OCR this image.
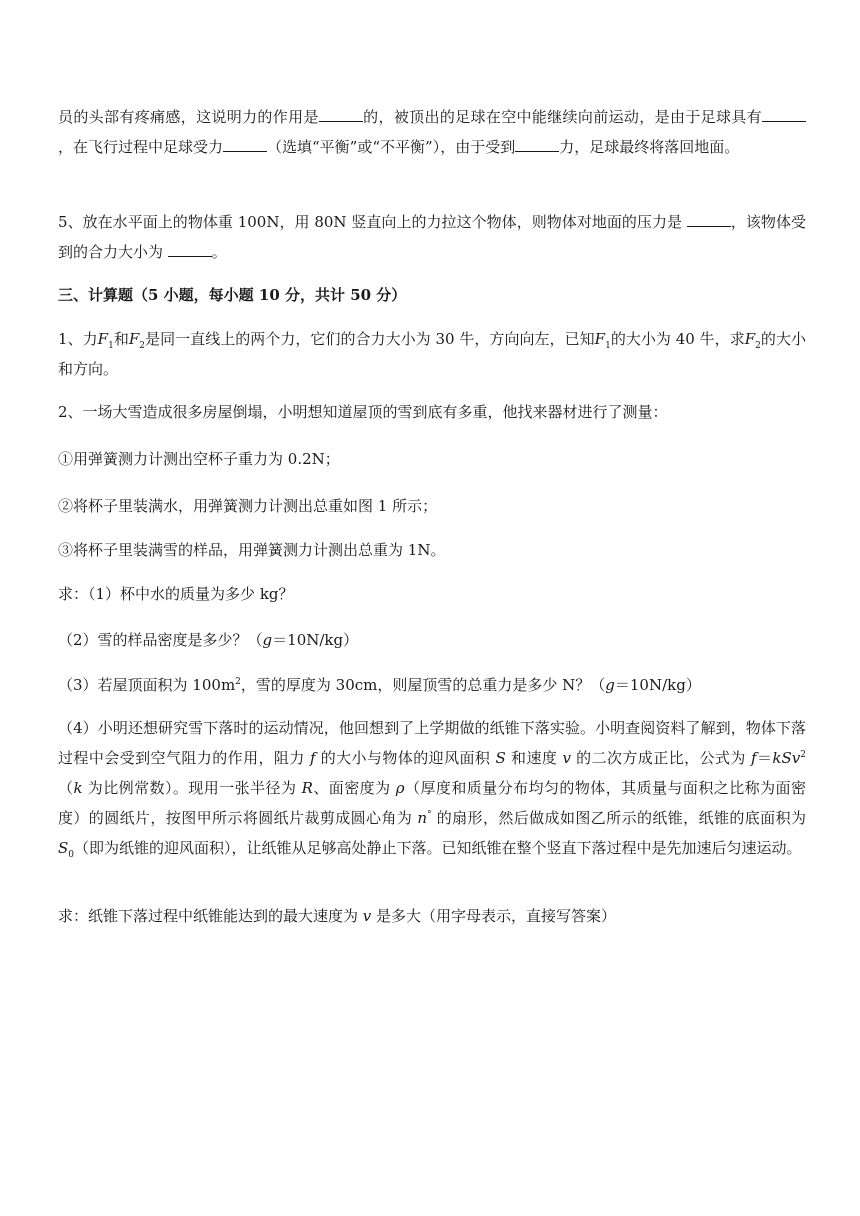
员的头部有疼痛感，这说明力的作用是	的，被顶出的足球在空中能继续向前运动，是由于足球具有，在飞行过程中足球受力	（选填“平衡”或“不平衡”），由于受到	力，足球最终将落回地面。

5、放在水平面上的物体重 100N，用 80N 竖直向上的力拉这个物体，则物体对地面的压力是	，该物体受到的合力大小为	。

三、计算题（5 小题，每小题 10 分，共计 50 分）

1、力$F_1$和$F_2$是同一直线上的两个力，它们的合力大小为 30 牛，方向向左，已知$F_1$的大小为 40 牛，求$F_2$的大小和方向。

2、一场大雪造成很多房屋倒塌，小明想知道屋顶的雪到底有多重，他找来器材进行了测量：

①用弹簧测力计测出空杯子重力为 0.2N；

②将杯子里装满水，用弹簧测力计测出总重如图 1 所示；

③将杯子里装满雪的样品，用弹簧测力计测出总重为 1N。

求：（1）杯中水的质量为多少 kg？

（2）雪的样品密度是多少？（g＝10N/kg）

（3）若屋顶面积为 $100m^2$，雪的厚度为 30cm，则屋顶雪的总重力是多少 N？（g＝10N/kg）

（4）小明还想研究雪下落时的运动情况，他回想到了上学期做的纸锥下落实验。小明查阅资料了解到，物体下落过程中会受到空气阻力的作用，阻力 f 的大小与物体的迎风面积 S 和速度 v 的二次方成正比，公式为 f＝kSv$^2$（k 为比例常数）。现用一张半径为 R、面密度为 ρ（厚度和质量分布均匀的物体，其质量与面积之比称为面密度）的圆纸片，按图甲所示将圆纸片裁剪成圆心角为 n° 的扇形，然后做成如图乙所示的纸锥，纸锥的底面积为 $S_0$（即为纸锥的迎风面积），让纸锥从足够高处静止下落。已知纸锥在整个竖直下落过程中是先加速后匀速运动。

求：纸锥下落过程中纸锥能达到的最大速度为 v 是多大（用字母表示，直接写答案）
